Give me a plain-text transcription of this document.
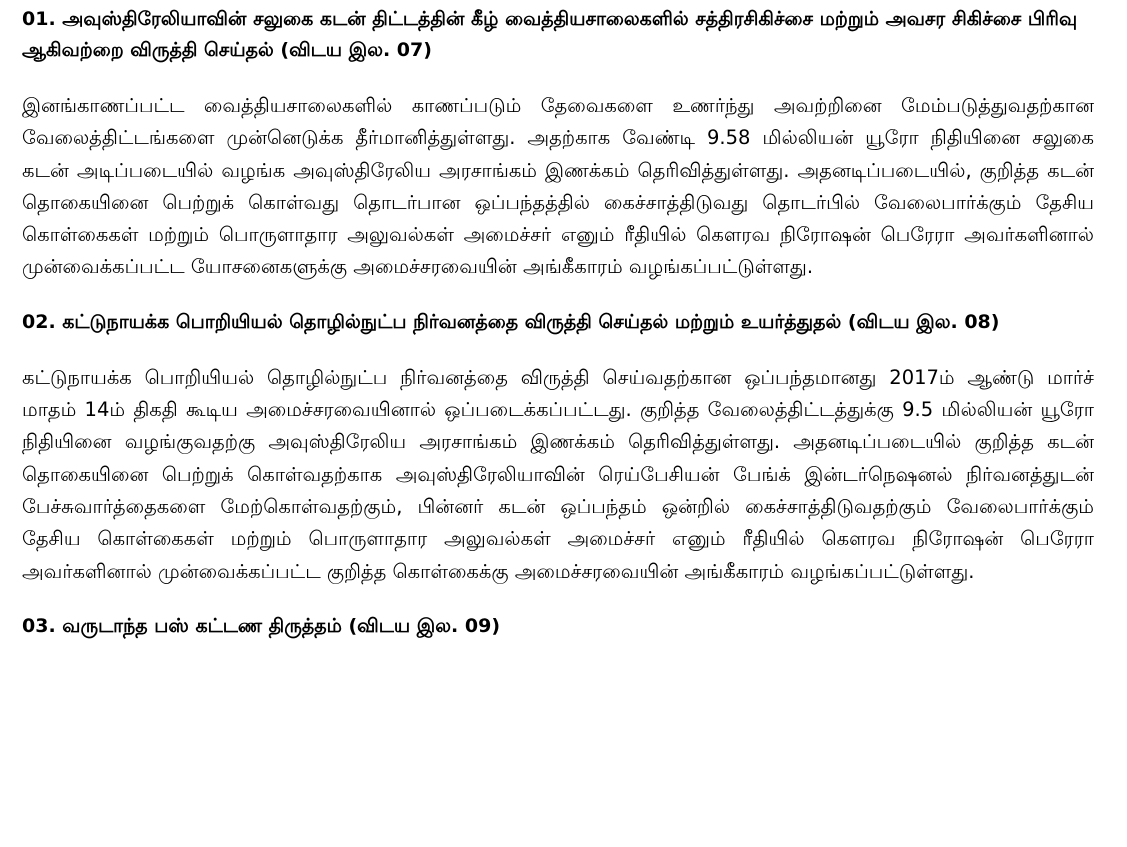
01. அவுஸ்திரேலியாவின் சலுகை கடன் திட்டத்தின் கீழ் வைத்தியசாலைகளில் சத்திரசிகிச்சை மற்றும் அவசர சிகிச்சை பிரிவு ஆகிவற்றை விருத்தி செய்தல் (விடய இல. 07)

இனங்காணப்பட்ட வைத்தியசாலைகளில் காணப்படும் தேவைகளை உணர்ந்து அவற்றினை மேம்படுத்துவதற்கான வேலைத்திட்டங்களை முன்னெடுக்க தீர்மானித்துள்ளது. அதற்காக வேண்டி 9.58 மில்லியன் யூரோ நிதியினை சலுகை கடன் அடிப்படையில் வழங்க அவுஸ்திரேலிய அரசாங்கம் இணக்கம் தெரிவித்துள்ளது. அதனடிப்படையில், குறித்த கடன் தொகையினை பெற்றுக் கொள்வது தொடர்பான ஒப்பந்தத்தில் கைச்சாத்திடுவது தொடர்பில் வேலைபார்க்கும் தேசிய கொள்கைகள் மற்றும் பொருளாதார அலுவல்கள் அமைச்சர் எனும் ரீதியில் கௌரவ நிரோஷன் பெரேரா அவர்களினால் முன்வைக்கப்பட்ட யோசனைகளுக்கு அமைச்சரவையின் அங்கீகாரம் வழங்கப்பட்டுள்ளது.

02. கட்டுநாயக்க பொறியியல் தொழில்நுட்ப நிர்வனத்தை விருத்தி செய்தல் மற்றும் உயர்த்துதல் (விடய இல. 08)

கட்டுநாயக்க பொறியியல் தொழில்நுட்ப நிர்வனத்தை விருத்தி செய்வதற்கான ஒப்பந்தமானது 2017ம் ஆண்டு மார்ச் மாதம் 14ம் திகதி கூடிய அமைச்சரவையினால் ஒப்படைக்கப்பட்டது. குறித்த வேலைத்திட்டத்துக்கு 9.5 மில்லியன் யூரோ நிதியினை வழங்குவதற்கு அவுஸ்திரேலிய அரசாங்கம் இணக்கம் தெரிவித்துள்ளது. அதனடிப்படையில் குறித்த கடன் தொகையினை பெற்றுக் கொள்வதற்காக அவுஸ்திரேலியாவின் ரெய்பேசியன் பேங்க் இன்டர்நெஷனல் நிர்வனத்துடன் பேச்சுவார்த்தைகளை மேற்கொள்வதற்கும், பின்னர் கடன் ஒப்பந்தம் ஒன்றில் கைச்சாத்திடுவதற்கும் வேலைபார்க்கும் தேசிய கொள்கைகள் மற்றும் பொருளாதார அலுவல்கள் அமைச்சர் எனும் ரீதியில் கௌரவ நிரோஷன் பெரேரா அவர்களினால் முன்வைக்கப்பட்ட குறித்த கொள்கைக்கு அமைச்சரவையின் அங்கீகாரம் வழங்கப்பட்டுள்ளது.

03. வருடாந்த பஸ் கட்டண திருத்தம் (விடய இல. 09)
